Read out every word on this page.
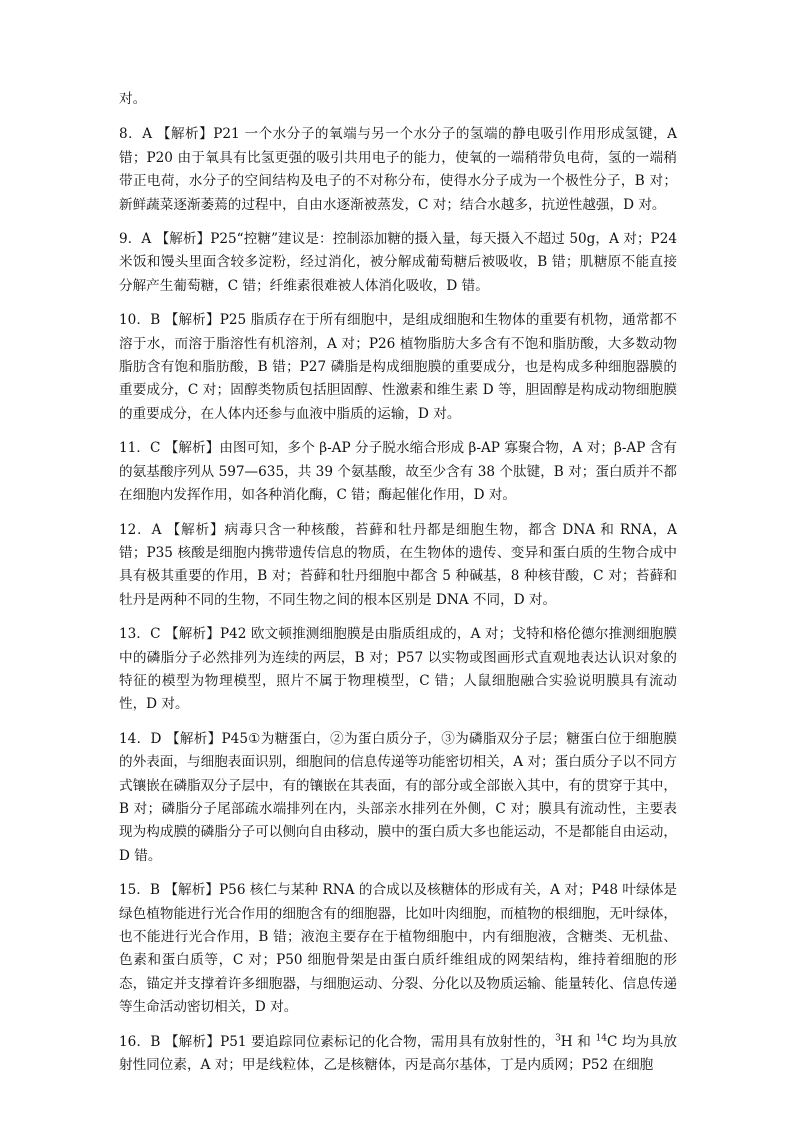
对。

8．A 【解析】P21 一个水分子的氧端与另一个水分子的氢端的静电吸引作用形成氢键，A 错；P20 由于氧具有比氢更强的吸引共用电子的能力，使氧的一端稍带负电荷，氢的一端稍带正电荷，水分子的空间结构及电子的不对称分布，使得水分子成为一个极性分子，B 对；新鲜蔬菜逐渐萎蔫的过程中，自由水逐渐被蒸发，C 对；结合水越多，抗逆性越强，D 对。

9．A 【解析】P25“控糖”建议是：控制添加糖的摄入量，每天摄入不超过 50g，A 对；P24 米饭和馒头里面含较多淀粉，经过消化，被分解成葡萄糖后被吸收，B 错；肌糖原不能直接分解产生葡萄糖，C 错；纤维素很难被人体消化吸收，D 错。

10．B 【解析】P25 脂质存在于所有细胞中，是组成细胞和生物体的重要有机物，通常都不溶于水，而溶于脂溶性有机溶剂，A 对；P26 植物脂肪大多含有不饱和脂肪酸，大多数动物脂肪含有饱和脂肪酸，B 错；P27 磷脂是构成细胞膜的重要成分，也是构成多种细胞器膜的重要成分，C 对；固醇类物质包括胆固醇、性激素和维生素 D 等，胆固醇是构成动物细胞膜的重要成分，在人体内还参与血液中脂质的运输，D 对。

11．C 【解析】由图可知，多个 β-AP 分子脱水缩合形成 β-AP 寡聚合物，A 对；β-AP 含有的氨基酸序列从 597—635，共 39 个氨基酸，故至少含有 38 个肽键，B 对；蛋白质并不都在细胞内发挥作用，如各种消化酶，C 错；酶起催化作用，D 对。

12．A 【解析】病毒只含一种核酸，苔藓和牡丹都是细胞生物，都含 DNA 和 RNA，A 错；P35 核酸是细胞内携带遗传信息的物质，在生物体的遗传、变异和蛋白质的生物合成中具有极其重要的作用，B 对；苔藓和牡丹细胞中都含 5 种碱基，8 种核苷酸，C 对；苔藓和牡丹是两种不同的生物，不同生物之间的根本区别是 DNA 不同，D 对。

13．C 【解析】P42 欧文顿推测细胞膜是由脂质组成的，A 对；戈特和格伦德尔推测细胞膜中的磷脂分子必然排列为连续的两层，B 对；P57 以实物或图画形式直观地表达认识对象的特征的模型为物理模型，照片不属于物理模型，C 错；人鼠细胞融合实验说明膜具有流动性，D 对。

14．D 【解析】P45①为糖蛋白，②为蛋白质分子，③为磷脂双分子层；糖蛋白位于细胞膜的外表面，与细胞表面识别，细胞间的信息传递等功能密切相关，A 对；蛋白质分子以不同方式镶嵌在磷脂双分子层中，有的镶嵌在其表面，有的部分或全部嵌入其中，有的贯穿于其中，B 对；磷脂分子尾部疏水端排列在内，头部亲水排列在外侧，C 对；膜具有流动性，主要表现为构成膜的磷脂分子可以侧向自由移动，膜中的蛋白质大多也能运动，不是都能自由运动，D 错。

15．B 【解析】P56 核仁与某种 RNA 的合成以及核糖体的形成有关，A 对；P48 叶绿体是绿色植物能进行光合作用的细胞含有的细胞器，比如叶肉细胞，而植物的根细胞，无叶绿体，也不能进行光合作用，B 错；液泡主要存在于植物细胞中，内有细胞液，含糖类、无机盐、色素和蛋白质等，C 对；P50 细胞骨架是由蛋白质纤维组成的网架结构，维持着细胞的形态，锚定并支撑着许多细胞器，与细胞运动、分裂、分化以及物质运输、能量转化、信息传递等生命活动密切相关，D 对。

16．B 【解析】P51 要追踪同位素标记的化合物，需用具有放射性的，$^3$H 和 $^{14}$C 均为具放射性同位素，A 对；甲是线粒体，乙是核糖体，丙是高尔基体，丁是内质网；P52 在细胞
